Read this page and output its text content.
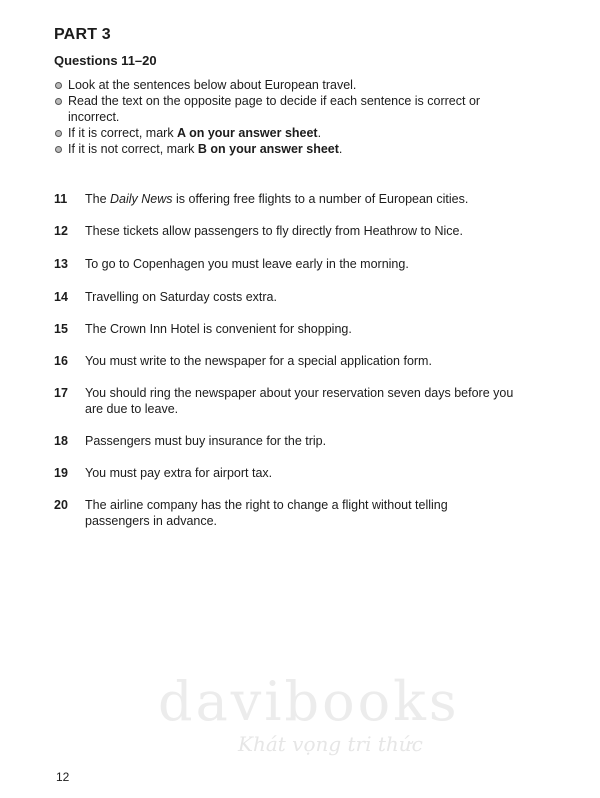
PART 3
Questions 11–20
Look at the sentences below about European travel.
Read the text on the opposite page to decide if each sentence is correct or incorrect.
If it is correct, mark A on your answer sheet.
If it is not correct, mark B on your answer sheet.
11	The Daily News is offering free flights to a number of European cities.
12	These tickets allow passengers to fly directly from Heathrow to Nice.
13	To go to Copenhagen you must leave early in the morning.
14	Travelling on Saturday costs extra.
15	The Crown Inn Hotel is convenient for shopping.
16	You must write to the newspaper for a special application form.
17	You should ring the newspaper about your reservation seven days before you are due to leave.
18	Passengers must buy insurance for the trip.
19	You must pay extra for airport tax.
20	The airline company has the right to change a flight without telling passengers in advance.
davibooks
Khát vọng tri thức
12
